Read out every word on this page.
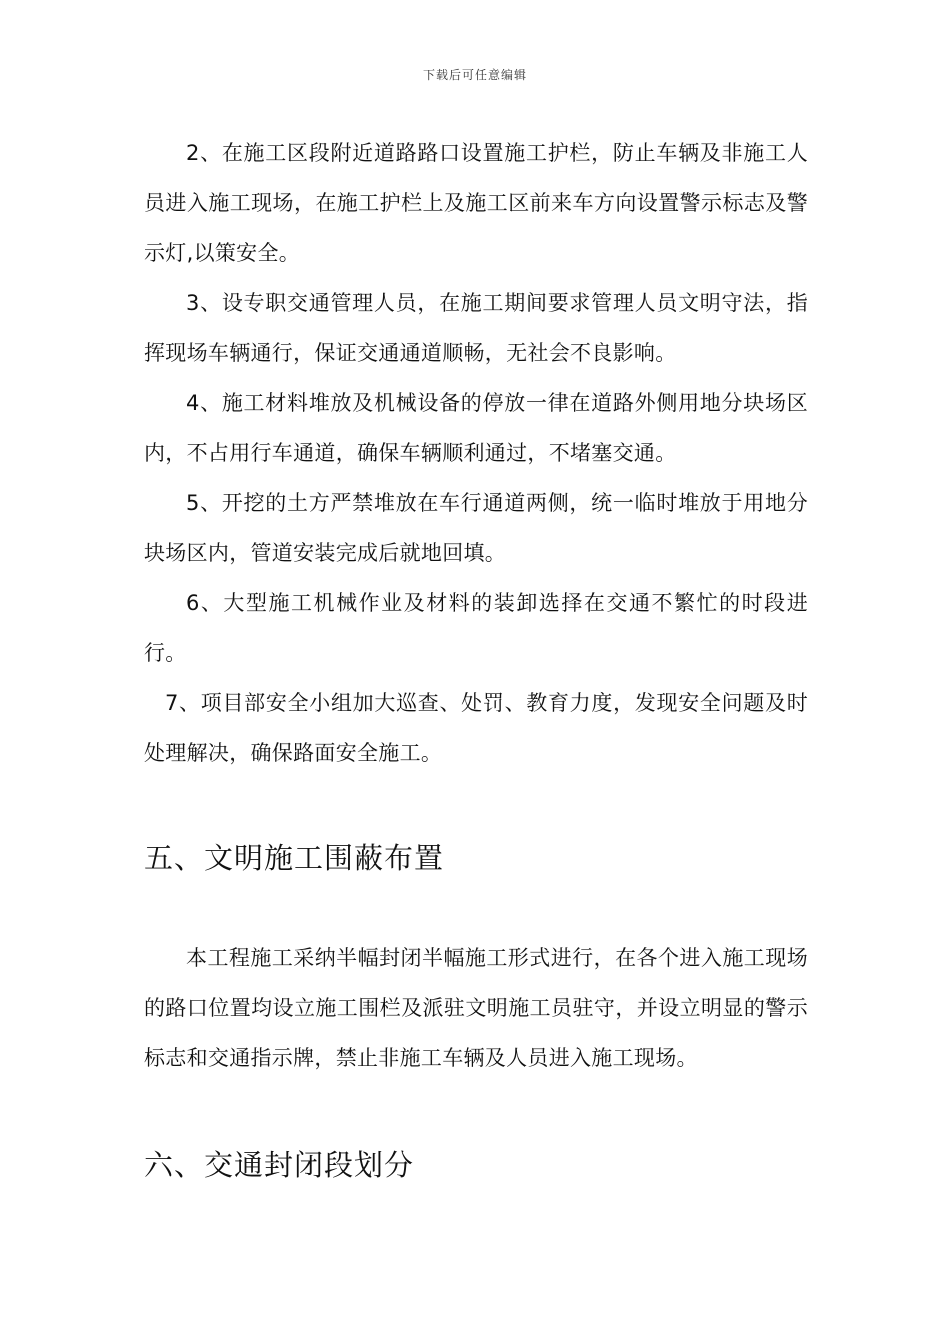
下载后可任意编辑

2、在施工区段附近道路路口设置施工护栏，防止车辆及非施工人员进入施工现场，在施工护栏上及施工区前来车方向设置警示标志及警示灯,以策安全。

3、设专职交通管理人员，在施工期间要求管理人员文明守法，指挥现场车辆通行，保证交通通道顺畅，无社会不良影响。

4、施工材料堆放及机械设备的停放一律在道路外侧用地分块场区内，不占用行车通道，确保车辆顺利通过，不堵塞交通。

5、开挖的土方严禁堆放在车行通道两侧，统一临时堆放于用地分块场区内，管道安装完成后就地回填。

6、大型施工机械作业及材料的装卸选择在交通不繁忙的时段进行。

7、项目部安全小组加大巡查、处罚、教育力度，发现安全问题及时处理解决，确保路面安全施工。

五、文明施工围蔽布置

本工程施工采纳半幅封闭半幅施工形式进行，在各个进入施工现场的路口位置均设立施工围栏及派驻文明施工员驻守，并设立明显的警示标志和交通指示牌，禁止非施工车辆及人员进入施工现场。

六、交通封闭段划分
